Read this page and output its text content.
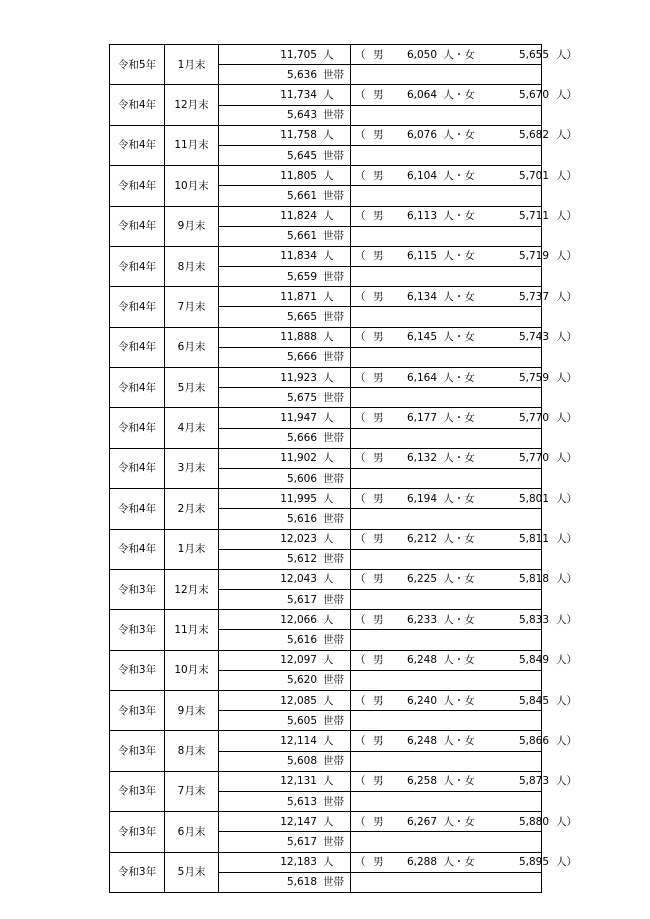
令和5年	1月末	11,705 人	（ 男 6,050 人・女 5,655 人）
		5,636 世帯	
令和4年	12月末	11,734 人	（ 男 6,064 人・女 5,670 人）
		5,643 世帯	
令和4年	11月末	11,758 人	（ 男 6,076 人・女 5,682 人）
		5,645 世帯	
令和4年	10月末	11,805 人	（ 男 6,104 人・女 5,701 人）
		5,661 世帯	
令和4年	9月末	11,824 人	（ 男 6,113 人・女 5,711 人）
		5,661 世帯	
令和4年	8月末	11,834 人	（ 男 6,115 人・女 5,719 人）
		5,659 世帯	
令和4年	7月末	11,871 人	（ 男 6,134 人・女 5,737 人）
		5,665 世帯	
令和4年	6月末	11,888 人	（ 男 6,145 人・女 5,743 人）
		5,666 世帯	
令和4年	5月末	11,923 人	（ 男 6,164 人・女 5,759 人）
		5,675 世帯	
令和4年	4月末	11,947 人	（ 男 6,177 人・女 5,770 人）
		5,666 世帯	
令和4年	3月末	11,902 人	（ 男 6,132 人・女 5,770 人）
		5,606 世帯	
令和4年	2月末	11,995 人	（ 男 6,194 人・女 5,801 人）
		5,616 世帯	
令和4年	1月末	12,023 人	（ 男 6,212 人・女 5,811 人）
		5,612 世帯	
令和3年	12月末	12,043 人	（ 男 6,225 人・女 5,818 人）
		5,617 世帯	
令和3年	11月末	12,066 人	（ 男 6,233 人・女 5,833 人）
		5,616 世帯	
令和3年	10月末	12,097 人	（ 男 6,248 人・女 5,849 人）
		5,620 世帯	
令和3年	9月末	12,085 人	（ 男 6,240 人・女 5,845 人）
		5,605 世帯	
令和3年	8月末	12,114 人	（ 男 6,248 人・女 5,866 人）
		5,608 世帯	
令和3年	7月末	12,131 人	（ 男 6,258 人・女 5,873 人）
		5,613 世帯	
令和3年	6月末	12,147 人	（ 男 6,267 人・女 5,880 人）
		5,617 世帯	
令和3年	5月末	12,183 人	（ 男 6,288 人・女 5,895 人）
		5,618 世帯	
